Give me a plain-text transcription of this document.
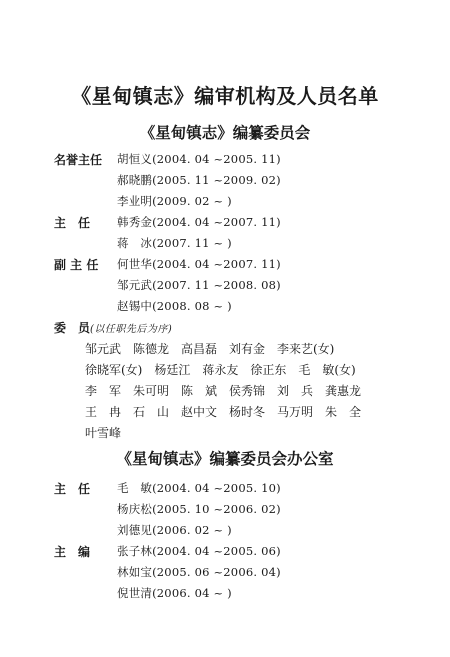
《星甸镇志》编审机构及人员名单
《星甸镇志》编纂委员会
名誉主任	胡恒义(2004. 04 ~2005. 11)
郝晓鹏(2005. 11 ~2009. 02)
李业明(2009. 02 ~ )
主　任	韩秀金(2004. 04 ~2007. 11)
蒋　冰(2007. 11 ~ )
副 主 任	何世华(2004. 04 ~2007. 11)
邹元武(2007. 11 ~2008. 08)
赵锡中(2008. 08 ~ )
委　员(以任职先后为序)
邹元武　陈德龙　高昌磊　刘有金　李来艺(女)
徐晓军(女)　杨廷江　蒋永友　徐正东　毛　敏(女)
李　军　朱可明　陈　斌　侯秀锦　刘　兵　龚惠龙
王　冉　石　山　赵中文　杨时冬　马万明　朱　全
叶雪峰
《星甸镇志》编纂委员会办公室
主　任	毛　敏(2004. 04 ~2005. 10)
杨庆松(2005. 10 ~2006. 02)
刘德见(2006. 02 ~ )
主　编	张子林(2004. 04 ~2005. 06)
林如宝(2005. 06 ~2006. 04)
倪世清(2006. 04 ~ )
